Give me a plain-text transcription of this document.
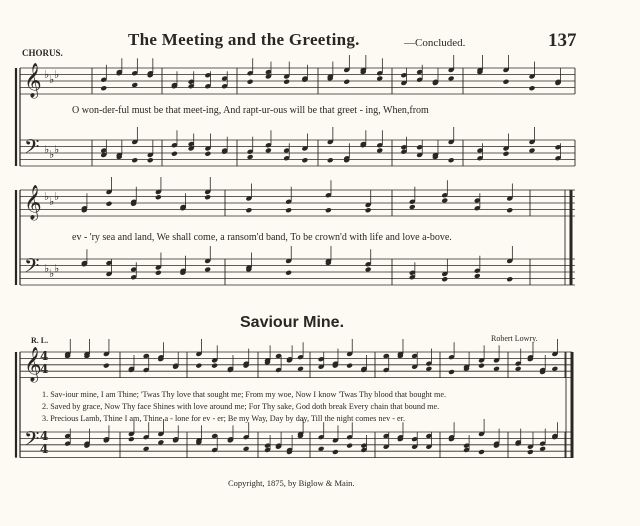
The Meeting and the Greeting.	—Concluded.	137
CHORUS.
𝄞
𝄢
♭ ♭ ♭
♭ ♭ ♭
𝄞
𝄢
♭ ♭ ♭
♭ ♭ ♭
𝄞
𝄢
4
4
4
4
O won-der-ful must be that meet-ing, And rapt-ur-ous will be that greet - ing, When,from
ev - 'ry sea and land, We shall come, a ransom'd band, To be crown'd with life and love a-bove.
Saviour Mine.
R. L.	Robert Lowry.
1. Sav-iour mine, I am Thine; 'Twas Thy love that sought me; From my woe, Now I know 'Twas Thy blood that bought me.
2. Saved by grace, Now Thy face Shines with love around me; For Thy sake, God doth break Every chain that bound me.
3. Precious Lamb, Thine I am, Thine a - lone for ev - er; Be my Way, Day by day, Till the night comes nev - er.
Copyright, 1875, by Biglow & Main.
